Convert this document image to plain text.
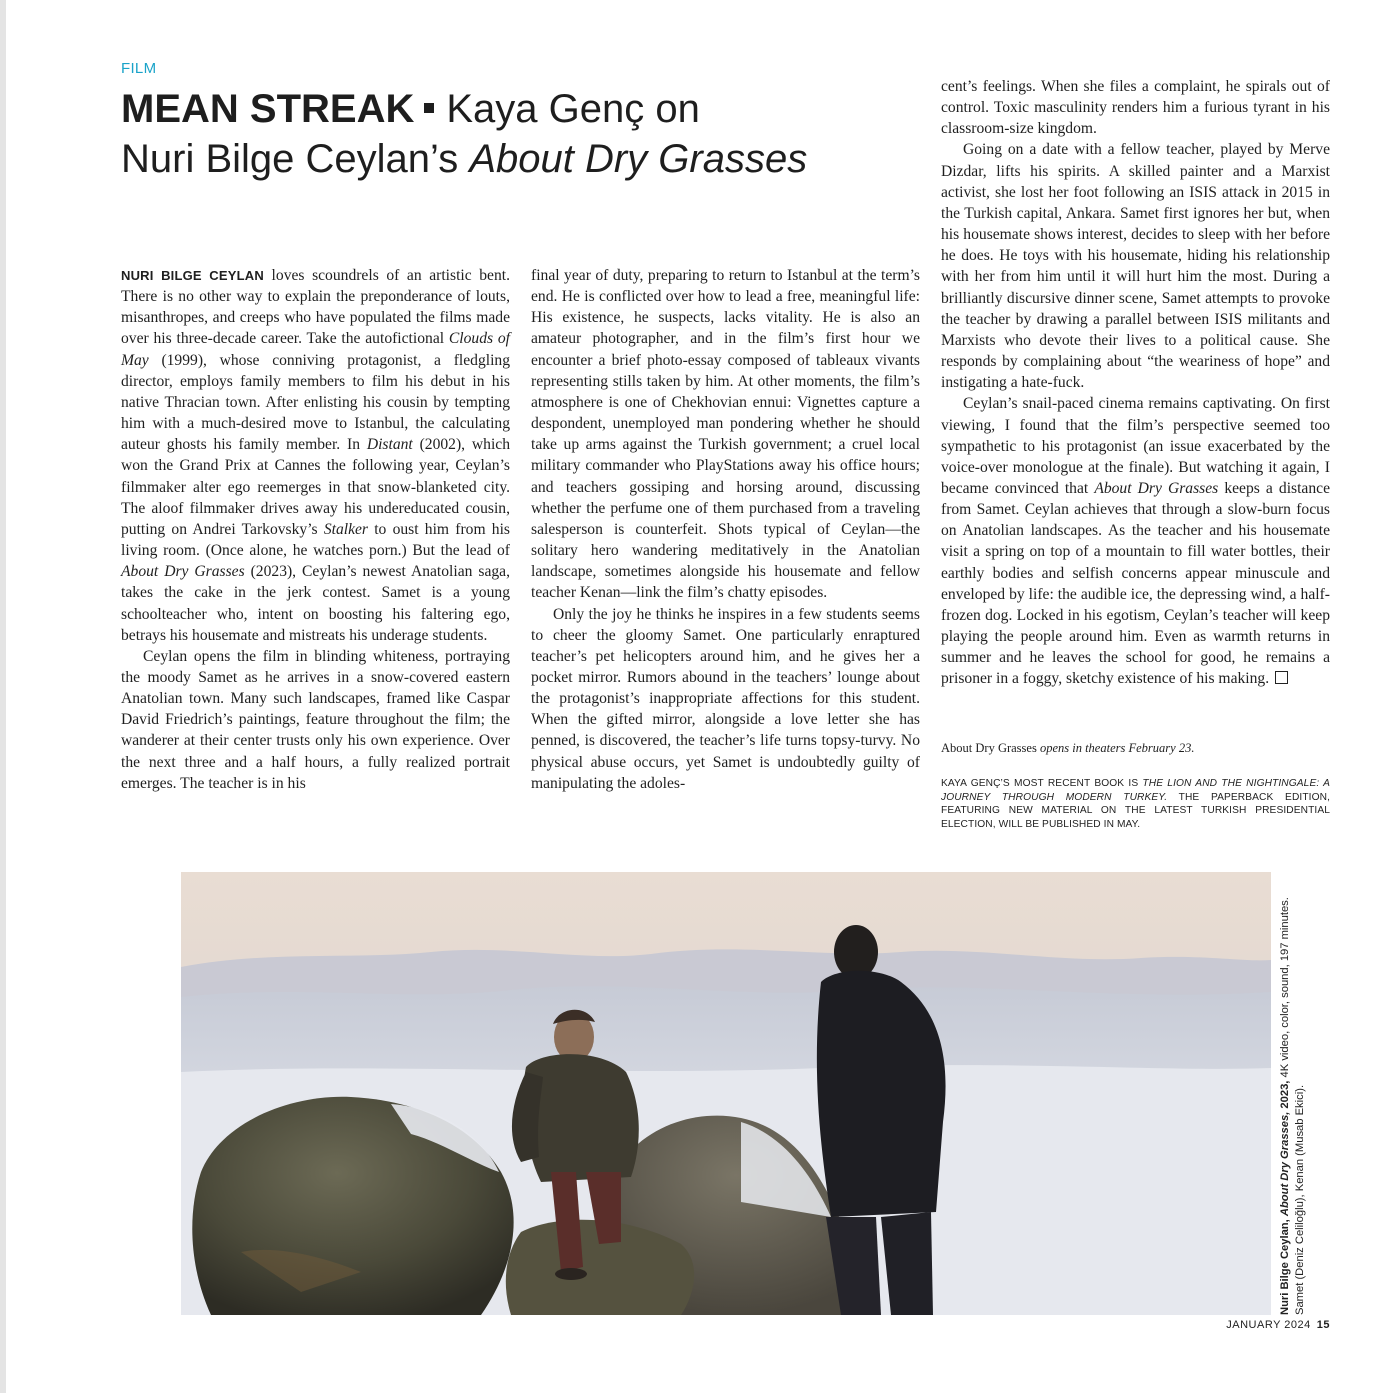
FILM
MEAN STREAK Kaya Genç on
Nuri Bilge Ceylan’s About Dry Grasses

NURI BILGE CEYLAN loves scoundrels of an artistic bent. There is no other way to explain the preponderance of louts, misanthropes, and creeps who have populated the films made over his three-decade career. Take the autofictional Clouds of May (1999), whose conniving protagonist, a fledgling director, employs family members to film his debut in his native Thracian town. After enlisting his cousin by tempting him with a much-desired move to Istanbul, the calculating auteur ghosts his family member. In Distant (2002), which won the Grand Prix at Cannes the following year, Ceylan’s filmmaker alter ego reemerges in that snow-blanketed city. The aloof filmmaker drives away his undereducated cousin, putting on Andrei Tarkovsky’s Stalker to oust him from his living room. (Once alone, he watches porn.) But the lead of About Dry Grasses (2023), Ceylan’s newest Anatolian saga, takes the cake in the jerk contest. Samet is a young schoolteacher who, intent on boosting his faltering ego, betrays his housemate and mistreats his underage students.

Ceylan opens the film in blinding whiteness, portraying the moody Samet as he arrives in a snow-covered eastern Anatolian town. Many such landscapes, framed like Caspar David Friedrich’s paintings, feature throughout the film; the wanderer at their center trusts only his own experience. Over the next three and a half hours, a fully realized portrait emerges. The teacher is in his

final year of duty, preparing to return to Istanbul at the term’s end. He is conflicted over how to lead a free, meaningful life: His existence, he suspects, lacks vitality. He is also an amateur photographer, and in the film’s first hour we encounter a brief photo-essay composed of tableaux vivants representing stills taken by him. At other moments, the film’s atmosphere is one of Chekhovian ennui: Vignettes capture a despondent, unemployed man pondering whether he should take up arms against the Turkish government; a cruel local military commander who PlayStations away his office hours; and teachers gossiping and horsing around, discussing whether the perfume one of them purchased from a traveling salesperson is counterfeit. Shots typical of Ceylan—the solitary hero wandering meditatively in the Anatolian landscape, sometimes alongside his housemate and fellow teacher Kenan—link the film’s chatty episodes.

Only the joy he thinks he inspires in a few students seems to cheer the gloomy Samet. One particularly enraptured teacher’s pet helicopters around him, and he gives her a pocket mirror. Rumors abound in the teachers’ lounge about the protagonist’s inappropriate affections for this student. When the gifted mirror, alongside a love letter she has penned, is discovered, the teacher’s life turns topsy-turvy. No physical abuse occurs, yet Samet is undoubtedly guilty of manipulating the adoles-

cent’s feelings. When she files a complaint, he spirals out of control. Toxic masculinity renders him a furious tyrant in his classroom-size kingdom.

Going on a date with a fellow teacher, played by Merve Dizdar, lifts his spirits. A skilled painter and a Marxist activist, she lost her foot following an ISIS attack in 2015 in the Turkish capital, Ankara. Samet first ignores her but, when his housemate shows interest, decides to sleep with her before he does. He toys with his housemate, hiding his relationship with her from him until it will hurt him the most. During a brilliantly discursive dinner scene, Samet attempts to provoke the teacher by drawing a parallel between ISIS militants and Marxists who devote their lives to a political cause. She responds by complaining about “the weariness of hope” and instigating a hate-fuck.

Ceylan’s snail-paced cinema remains captivating. On first viewing, I found that the film’s perspective seemed too sympathetic to his protagonist (an issue exacerbated by the voice-over monologue at the finale). But watching it again, I became convinced that About Dry Grasses keeps a distance from Samet. Ceylan achieves that through a slow-burn focus on Anatolian landscapes. As the teacher and his housemate visit a spring on top of a mountain to fill water bottles, their earthly bodies and selfish concerns appear minuscule and enveloped by life: the audible ice, the depressing wind, a half-frozen dog. Locked in his egotism, Ceylan’s teacher will keep playing the people around him. Even as warmth returns in summer and he leaves the school for good, he remains a prisoner in a foggy, sketchy existence of his making.

About Dry Grasses opens in theaters February 23.

KAYA GENÇ’S MOST RECENT BOOK IS THE LION AND THE NIGHTINGALE: A JOURNEY THROUGH MODERN TURKEY. THE PAPERBACK EDITION, FEATURING NEW MATERIAL ON THE LATEST TURKISH PRESIDENTIAL ELECTION, WILL BE PUBLISHED IN MAY.

Nuri Bilge Ceylan, About Dry Grasses, 2023, 4K video, color, sound, 197 minutes.
Samet (Deniz Celiloğlu), Kenan (Musab Ekici).
JANUARY 2024 15
